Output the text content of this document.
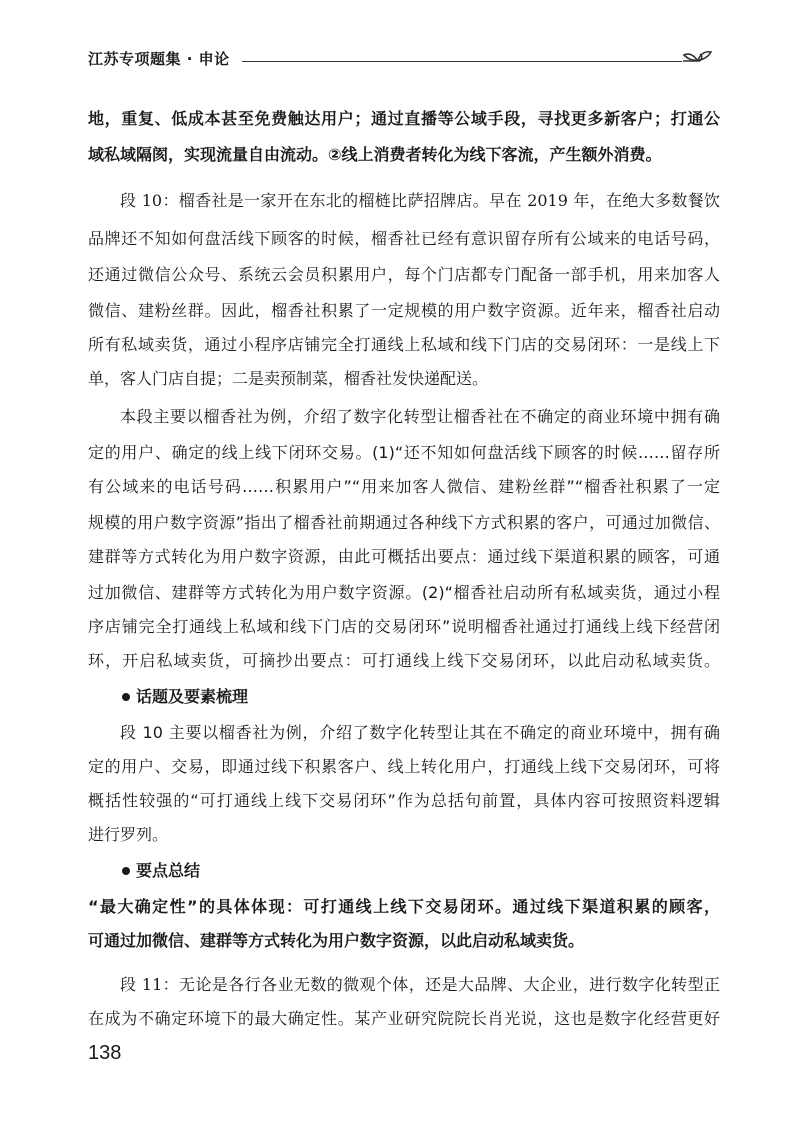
江苏专项题集 · 申论
地，重复、低成本甚至免费触达用户；通过直播等公域手段，寻找更多新客户；打通公
域私域隔阂，实现流量自由流动。②线上消费者转化为线下客流，产生额外消费。
段 10：榴香社是一家开在东北的榴梿比萨招牌店。早在 2019 年，在绝大多数餐饮
品牌还不知如何盘活线下顾客的时候，榴香社已经有意识留存所有公域来的电话号码，
还通过微信公众号、系统云会员积累用户，每个门店都专门配备一部手机，用来加客人
微信、建粉丝群。因此，榴香社积累了一定规模的用户数字资源。近年来，榴香社启动
所有私域卖货，通过小程序店铺完全打通线上私域和线下门店的交易闭环：一是线上下
单，客人门店自提；二是卖预制菜，榴香社发快递配送。
本段主要以榴香社为例，介绍了数字化转型让榴香社在不确定的商业环境中拥有确
定的用户、确定的线上线下闭环交易。(1)“还不知如何盘活线下顾客的时候……留存所
有公域来的电话号码……积累用户”“用来加客人微信、建粉丝群”“榴香社积累了一定
规模的用户数字资源”指出了榴香社前期通过各种线下方式积累的客户，可通过加微信、
建群等方式转化为用户数字资源，由此可概括出要点：通过线下渠道积累的顾客，可通
过加微信、建群等方式转化为用户数字资源。(2)“榴香社启动所有私域卖货，通过小程
序店铺完全打通线上私域和线下门店的交易闭环”说明榴香社通过打通线上线下经营闭
环，开启私域卖货，可摘抄出要点：可打通线上线下交易闭环，以此启动私域卖货。
话题及要素梳理
段 10 主要以榴香社为例，介绍了数字化转型让其在不确定的商业环境中，拥有确
定的用户、交易，即通过线下积累客户、线上转化用户，打通线上线下交易闭环，可将
概括性较强的“可打通线上线下交易闭环”作为总括句前置，具体内容可按照资料逻辑
进行罗列。
要点总结
“最大确定性”的具体体现：可打通线上线下交易闭环。通过线下渠道积累的顾客，
可通过加微信、建群等方式转化为用户数字资源，以此启动私域卖货。
段 11：无论是各行各业无数的微观个体，还是大品牌、大企业，进行数字化转型正
在成为不确定环境下的最大确定性。某产业研究院院长肖光说，这也是数字化经营更好
138
